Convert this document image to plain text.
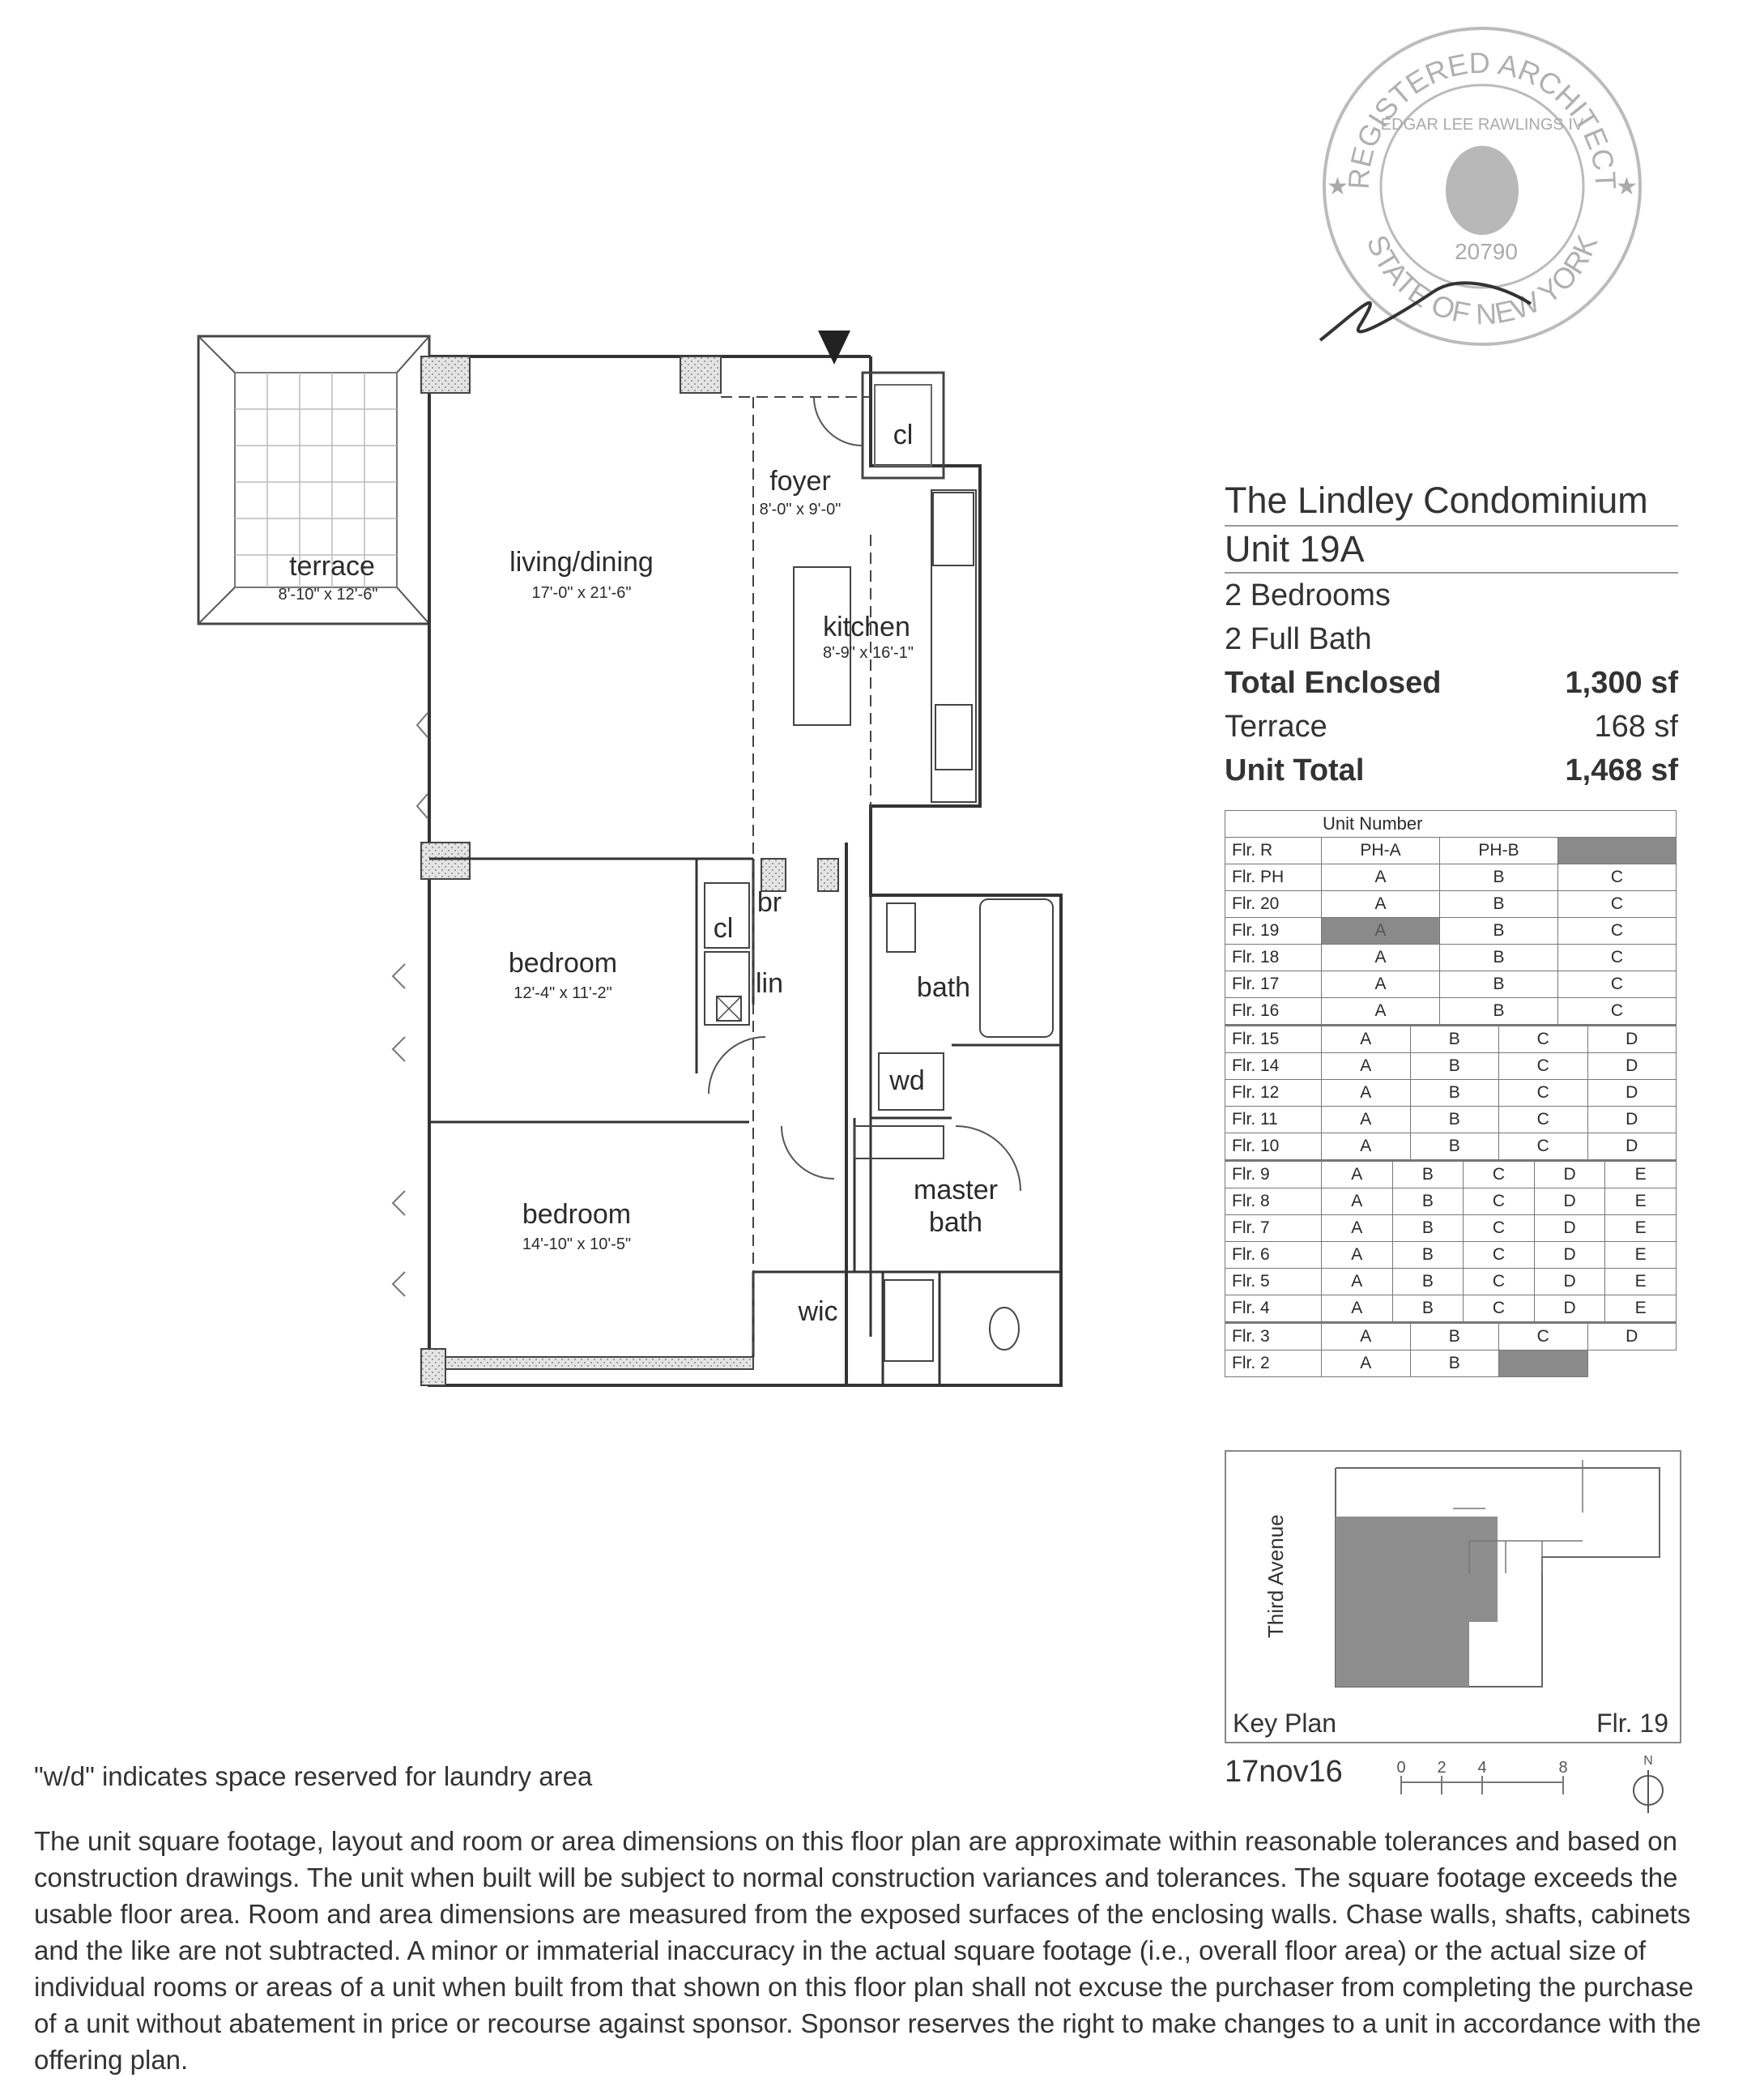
terrace
8'-10" x 12'-6"
living/dining
17'-0" x 21'-6"
foyer
8'-0" x 9'-0"
kitchen
8'-9" x 16'-1"
bedroom
12'-4" x 11'-2"
bedroom
14'-10" x 10'-5"
bath
master
bath
wic
cl
cl
br
lin
wd
REGISTERED ARCHITECT
STATE OF NEW YORK
EDGAR LEE RAWLINGS IV
20790
★	★
The Lindley Condominium
Unit 19A
2 Bedrooms
2 Full Bath
Total Enclosed	1,300 sf
Terrace	168 sf
Unit Total	1,468 sf
Unit Number
Flr. R	PH-A	PH-B	
Flr. PH	A	B	C
Flr. 20	A	B	C
Flr. 19	A	B	C
Flr. 18	A	B	C
Flr. 17	A	B	C
Flr. 16	A	B	C
Flr. 15	A	B	C	D
Flr. 14	A	B	C	D
Flr. 12	A	B	C	D
Flr. 11	A	B	C	D
Flr. 10	A	B	C	D
Flr. 9	A	B	C	D	E
Flr. 8	A	B	C	D	E
Flr. 7	A	B	C	D	E
Flr. 6	A	B	C	D	E
Flr. 5	A	B	C	D	E
Flr. 4	A	B	C	D	E
Flr. 3	A	B	C	D
Flr. 2	A	B		
Third Avenue
Key Plan	Flr. 19
17nov16	0 2 4	8	N
"w/d" indicates space reserved for laundry area

The unit square footage, layout and room or area dimensions on this floor plan are approximate within reasonable tolerances and based on construction drawings. The unit when built will be subject to normal construction variances and tolerances. The square footage exceeds the usable floor area. Room and area dimensions are measured from the exposed surfaces of the enclosing walls. Chase walls, shafts, cabinets and the like are not subtracted. A minor or immaterial inaccuracy in the actual square footage (i.e., overall floor area) or the actual size of individual rooms or areas of a unit when built from that shown on this floor plan shall not excuse the purchaser from completing the purchase of a unit without abatement in price or recourse against sponsor. Sponsor reserves the right to make changes to a unit in accordance with the offering plan.
